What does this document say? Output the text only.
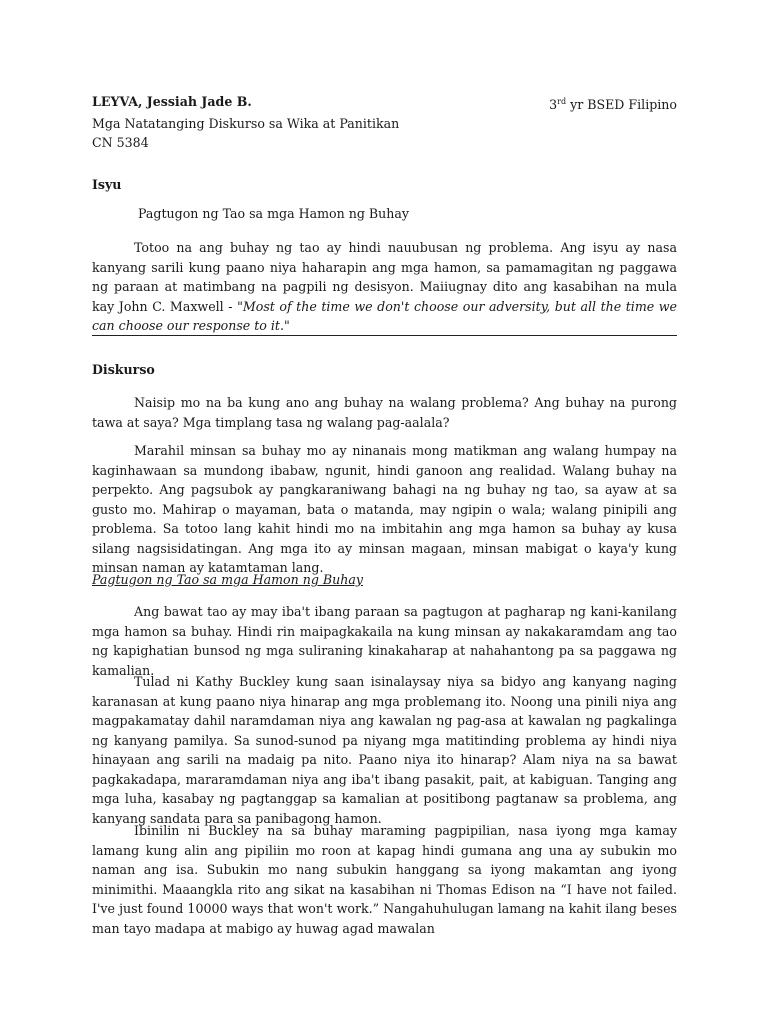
LEYVA, Jessiah Jade B.	3rd yr BSED Filipino
Mga Natatanging Diskurso sa Wika at Panitikan
CN 5384
Isyu
Pagtugon ng Tao sa mga Hamon ng Buhay

Totoo na ang buhay ng tao ay hindi nauubusan ng problema. Ang isyu ay nasa kanyang sarili kung paano niya haharapin ang mga hamon, sa pamamagitan ng paggawa ng paraan at matimbang na pagpili ng desisyon. Maiiugnay dito ang kasabihan na mula kay John C. Maxwell - "Most of the time we don't choose our adversity, but all the time we can choose our response to it."

Diskurso

Naisip mo na ba kung ano ang buhay na walang problema? Ang buhay na purong tawa at saya? Mga timplang tasa ng walang pag-aalala?

Marahil minsan sa buhay mo ay ninanais mong matikman ang walang humpay na kaginhawaan sa mundong ibabaw, ngunit, hindi ganoon ang realidad. Walang buhay na perpekto. Ang pagsubok ay pangkaraniwang bahagi na ng buhay ng tao, sa ayaw at sa gusto mo. Mahirap o mayaman, bata o matanda, may ngipin o wala; walang pinipili ang problema. Sa totoo lang kahit hindi mo na imbitahin ang mga hamon sa buhay ay kusa silang nagsisidatingan. Ang mga ito ay minsan magaan, minsan mabigat o kaya'y kung minsan naman ay katamtaman lang.

Pagtugon ng Tao sa mga Hamon ng Buhay

Ang bawat tao ay may iba't ibang paraan sa pagtugon at pagharap ng kani-kanilang mga hamon sa buhay. Hindi rin maipagkakaila na kung minsan ay nakakaramdam ang tao ng kapighatian bunsod ng mga suliraning kinakaharap at nahahantong pa sa paggawa ng kamalian.

Tulad ni Kathy Buckley kung saan isinalaysay niya sa bidyo ang kanyang naging karanasan at kung paano niya hinarap ang mga problemang ito. Noong una pinili niya ang magpakamatay dahil naramdaman niya ang kawalan ng pag-asa at kawalan ng pagkalinga ng kanyang pamilya. Sa sunod-sunod pa niyang mga matitinding problema ay hindi niya hinayaan ang sarili na madaig pa nito. Paano niya ito hinarap? Alam niya na sa bawat pagkakadapa, mararamdaman niya ang iba't ibang pasakit, pait, at kabiguan. Tanging ang mga luha, kasabay ng pagtanggap sa kamalian at positibong pagtanaw sa problema, ang kanyang sandata para sa panibagong hamon.

Ibinilin ni Buckley na sa buhay maraming pagpipilian, nasa iyong mga kamay lamang kung alin ang pipiliin mo roon at kapag hindi gumana ang una ay subukin mo naman ang isa. Subukin mo nang subukin hanggang sa iyong makamtan ang iyong minimithi. Maaangkla rito ang sikat na kasabihan ni Thomas Edison na “I have not failed. I've just found 10000 ways that won't work.” Nangahuhulugan lamang na kahit ilang beses man tayo madapa at mabigo ay huwag agad mawalan
